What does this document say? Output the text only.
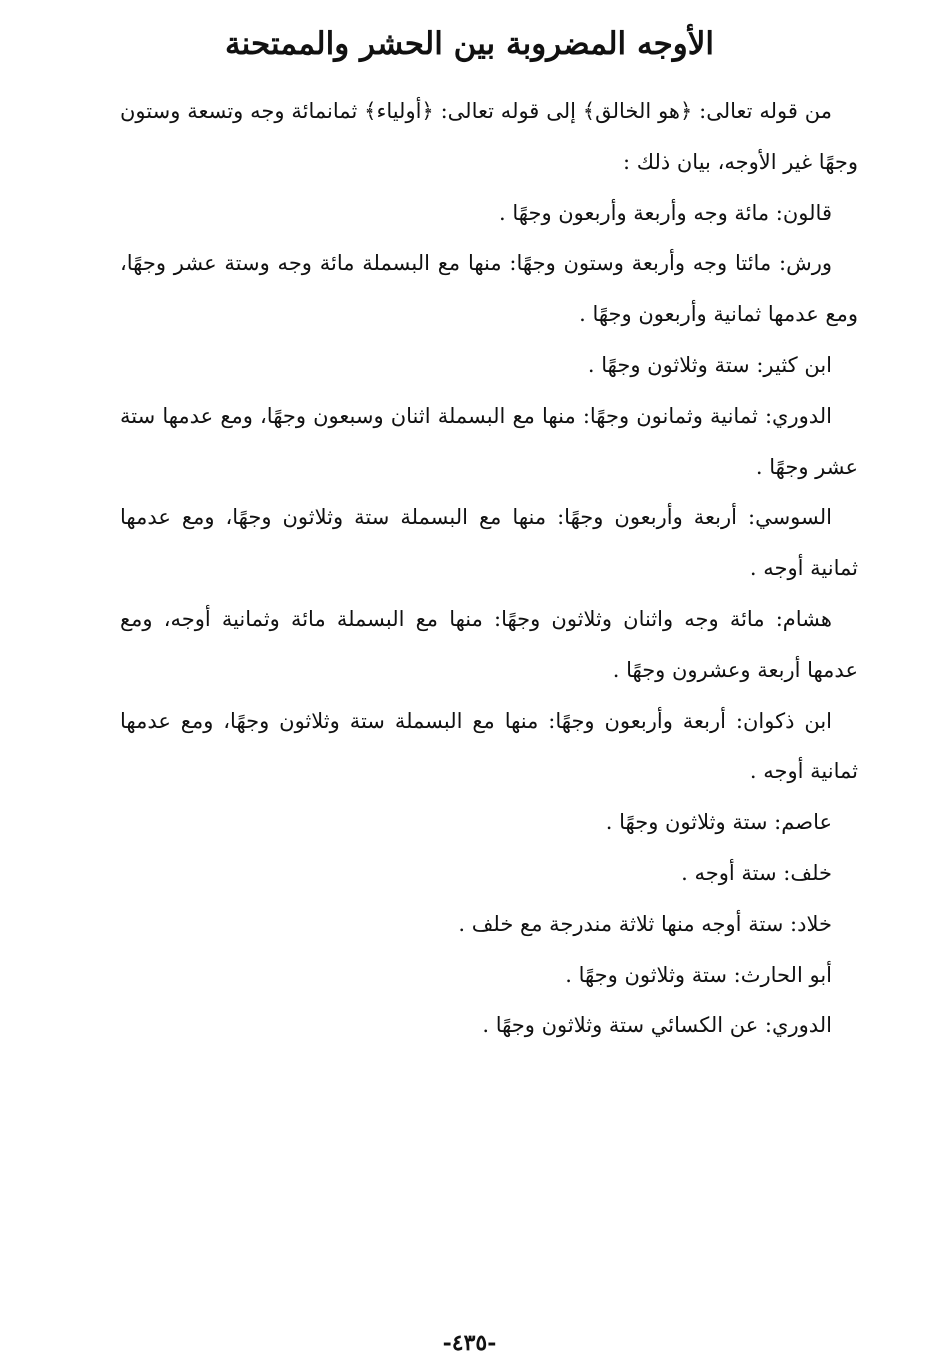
الأوجه المضروبة بين الحشر والممتحنة

من قوله تعالى: ﴿هو الخالق﴾ إلى قوله تعالى: ﴿أولياء﴾ ثمانمائة وجه وتسعة وستون وجهًا غير الأوجه، بيان ذلك :

قالون: مائة وجه وأربعة وأربعون وجهًا .

ورش: مائتا وجه وأربعة وستون وجهًا: منها مع البسملة مائة وجه وستة عشر وجهًا، ومع عدمها ثمانية وأربعون وجهًا .

ابن كثير: ستة وثلاثون وجهًا .

الدوري: ثمانية وثمانون وجهًا: منها مع البسملة اثنان وسبعون وجهًا، ومع عدمها ستة عشر وجهًا .

السوسي: أربعة وأربعون وجهًا: منها مع البسملة ستة وثلاثون وجهًا، ومع عدمها ثمانية أوجه .

هشام: مائة وجه واثنان وثلاثون وجهًا: منها مع البسملة مائة وثمانية أوجه، ومع عدمها أربعة وعشرون وجهًا .

ابن ذكوان: أربعة وأربعون وجهًا: منها مع البسملة ستة وثلاثون وجهًا، ومع عدمها ثمانية أوجه .

عاصم: ستة وثلاثون وجهًا .

خلف: ستة أوجه .

خلاد: ستة أوجه منها ثلاثة مندرجة مع خلف .

أبو الحارث: ستة وثلاثون وجهًا .

الدوري: عن الكسائي ستة وثلاثون وجهًا .

-٤٣٥-
